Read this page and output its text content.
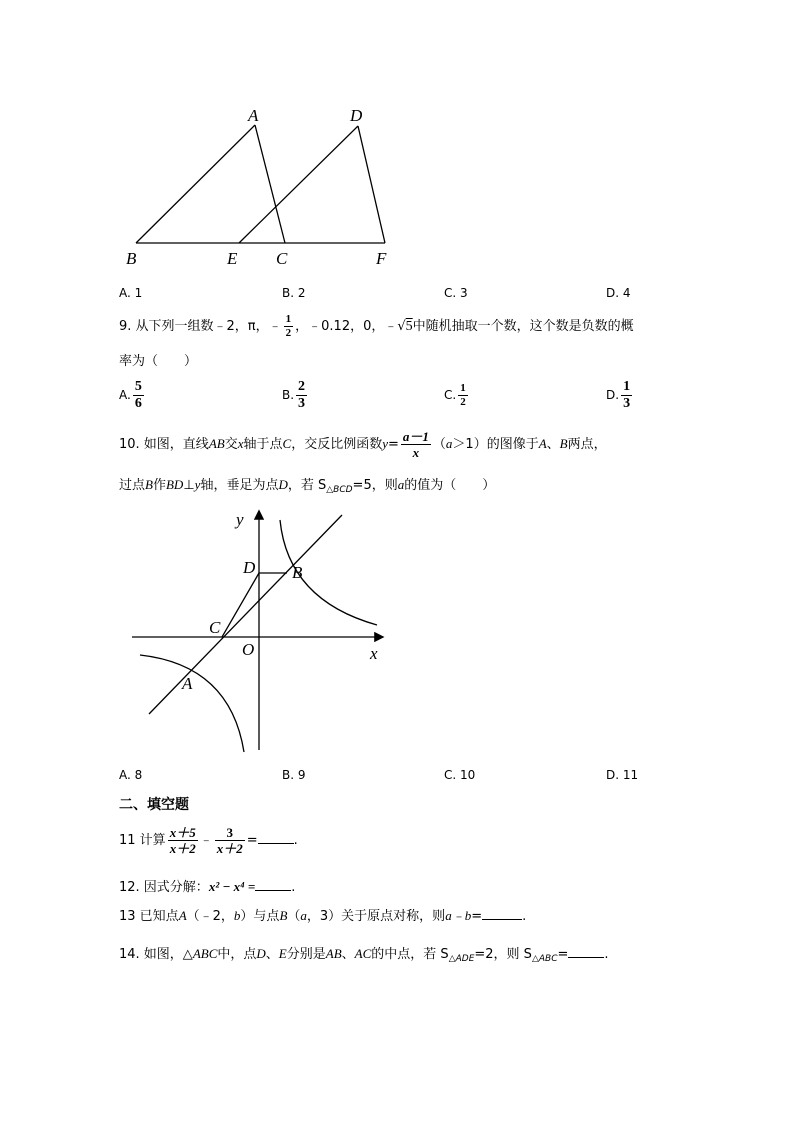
A	D
B	E C	F
A. 1	B. 2	C. 3	D. 4
9. 从下列一组数﹣2，π，﹣ $\frac{1}{2}$ ，﹣0.12，0，﹣√5中随机抽取一个数，这个数是负数的概
率为（　　）
A. $\frac{5}{6}$	B. $\frac{2}{3}$	C. $\frac{1}{2}$	D. $\frac{1}{3}$
10. 如图，直线AB交x轴于点C，交反比例函数$y= \frac{a-1}{x} (a>1)$的图像于A、B两点，
过点B作BD⊥y轴，垂足为点D，若 $S_{\triangle BCD}=5$，则a的值为（　　）
y
D B
C
O	x
A
A. 8	B. 9	C. 10	D. 11
二、填空题
11 计算 $\frac{x+5}{x+2}$ ﹣ $\frac{3}{x+2}$ =	.
12. 因式分解：x² − x⁴ =	.
13 已知点A（﹣2，b）与点B（a，3）关于原点对称，则a﹣b=	.
14. 如图，△ABC中，点D、E分别是AB、AC的中点，若 $S_{\triangle ADE}=2$，则 $S_{\triangle ABC}=$	.
